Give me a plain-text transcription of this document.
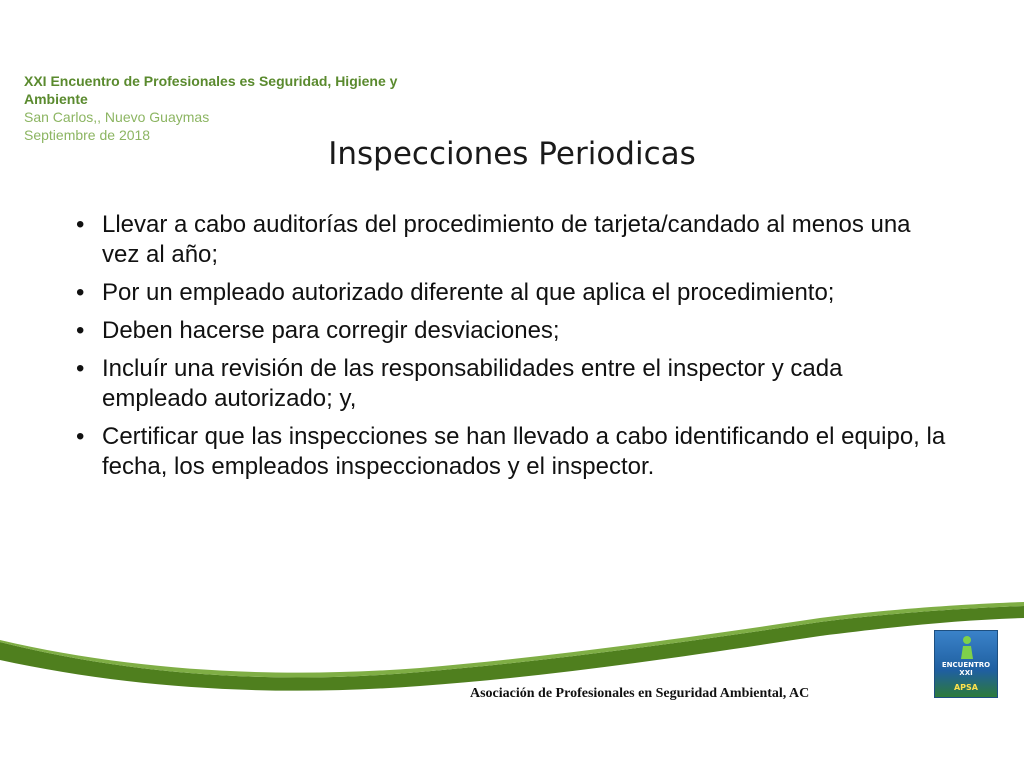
XXI Encuentro de Profesionales es Seguridad, Higiene y
Ambiente
San Carlos,, Nuevo Guaymas
Septiembre de 2018
Inspecciones Periodicas
• Llevar a cabo auditorías del procedimiento de tarjeta/candado al menos una vez al año;
• Por un empleado autorizado diferente al que aplica el procedimiento;
• Deben hacerse para corregir desviaciones;
• Incluír una revisión de las responsabilidades entre el inspector y cada empleado autorizado; y,
• Certificar que las inspecciones se han llevado a cabo identificando el equipo, la fecha, los empleados inspeccionados y el inspector.
Asociación de Profesionales en Seguridad Ambiental, AC
ENCUENTRO XXI
APSA
